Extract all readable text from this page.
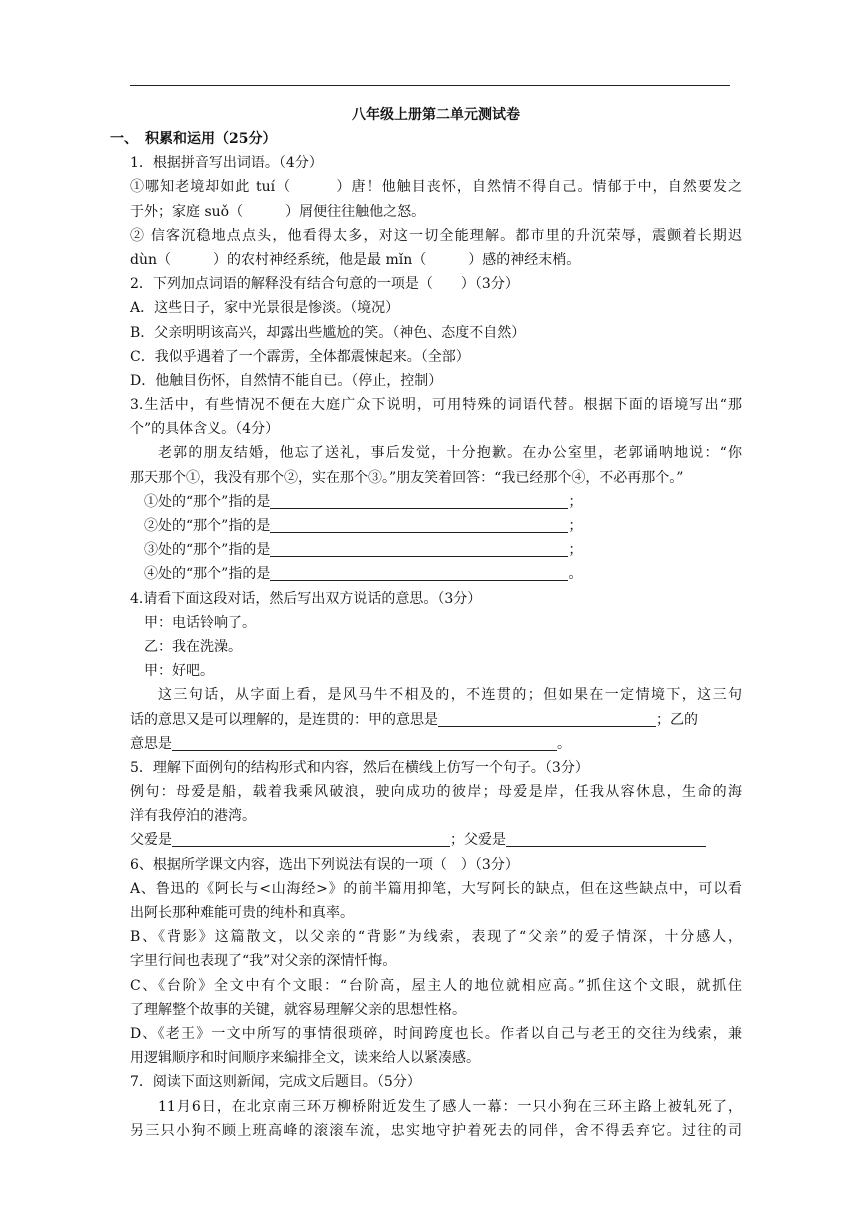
八年级上册第二单元测试卷
一、　积累和运用（25分）
1．根据拼音写出词语。（4分）
①哪知老境却如此 tuí（　　　）唐！他触目丧怀，自然情不得自己。情郁于中，自然要发之
于外；家庭 suǒ（　　　）屑便往往触他之怒。
② 信客沉稳地点点头，他看得太多，对这一切全能理解。都市里的升沉荣辱，震颤着长期迟
dùn（　　　）的农村神经系统，他是最 mǐn（　　　）感的神经末梢。
2．下列加点词语的解释没有结合句意的一项是（　　）（3分）
A．这些日子，家中光景很是惨淡。（境况）
B．父亲明明该高兴，却露出些尴尬的笑。（神色、态度不自然）
C．我似乎遇着了一个霹雳，全体都震悚起来。（全部）
D．他触目伤怀，自然情不能自已。（停止，控制）
3.生活中，有些情况不便在大庭广众下说明，可用特殊的词语代替。根据下面的语境写出“那
个”的具体含义。（4分）
老郭的朋友结婚，他忘了送礼，事后发觉，十分抱歉。在办公室里，老郭诵呐地说：“你
那天那个①，我没有那个②，实在那个③。”朋友笑着回答：“我已经那个④，不必再那个。”
①处的“那个”指的是	；
②处的“那个”指的是	；
③处的“那个”指的是	；
④处的“那个”指的是	。
4.请看下面这段对话，然后写出双方说话的意思。（3分）
甲：电话铃响了。
乙：我在洗澡。
甲：好吧。
这三句话，从字面上看，是风马牛不相及的，不连贯的；但如果在一定情境下，这三句
话的意思又是可以理解的，是连贯的：甲的意思是	；乙的
意思是	。
5．理解下面例句的结构形式和内容，然后在横线上仿写一个句子。（3分）
例句：母爱是船，载着我乘风破浪，驶向成功的彼岸；母爱是岸，任我从容休息，生命的海
洋有我停泊的港湾。
父爱是	；父爱是
6、根据所学课文内容，选出下列说法有误的一项（　）（3分）
A、鲁迅的《阿长与<山海经>》的前半篇用抑笔，大写阿长的缺点，但在这些缺点中，可以看
出阿长那种难能可贵的纯朴和真率。
B、《背影》这篇散文，以父亲的“背影”为线索，表现了“父亲”的爱子情深，十分感人，
字里行间也表现了“我”对父亲的深情忏悔。
C、《台阶》全文中有个文眼：“台阶高，屋主人的地位就相应高。”抓住这个文眼，就抓住
了理解整个故事的关键，就容易理解父亲的思想性格。
D、《老王》一文中所写的事情很琐碎，时间跨度也长。作者以自己与老王的交往为线索，兼
用逻辑顺序和时间顺序来编排全文，读来给人以紧凑感。
7．阅读下面这则新闻，完成文后题目。（5分）
11月6日，在北京南三环万柳桥附近发生了感人一幕：一只小狗在三环主路上被轧死了，
另三只小狗不顾上班高峰的滚滚车流，忠实地守护着死去的同伴，舍不得丢弃它。过往的司
